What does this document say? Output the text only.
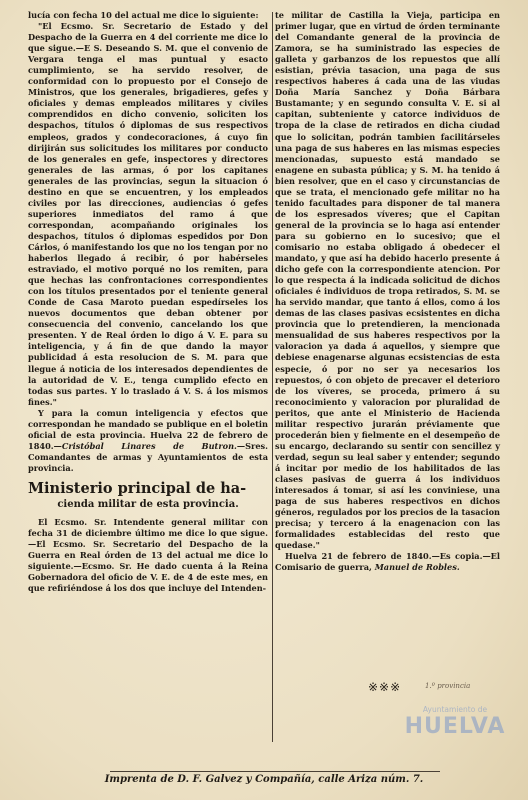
lucía con fecha 10 del actual me dice lo siguiente:

"El Ecsmo. Sr. Secretario de Estado y del Despacho de la Guerra en 4 del corriente me dice lo que sigue.—E S. Deseando S. M. que el convenio de Vergara tenga el mas puntual y esacto cumplimiento, se ha servido resolver, de conformidad con lo propuesto por el Consejo de Ministros, que los generales, brigadieres, gefes y oficiales y demas empleados militares y civiles comprendidos en dicho convenio, soliciten los despachos, títulos ó diplomas de sus respectivos empleos, grados y condecoraciones, á cuyo fin dirijirán sus solicitudes los militares por conducto de los generales en gefe, inspectores y directores generales de las armas, ó por los capitanes generales de las provincias, segun la situacion ó destino en que se encuentren, y los empleados civiles por las direcciones, audiencias ó gefes superiores inmediatos del ramo á que correspondan, acompañando originales los despachos, títulos ó diplomas espedidos por Don Cárlos, ó manifestando los que no los tengan por no haberlos llegado á recibir, ó por habérseles estraviado, el motivo porqué no los remiten, para que hechas las confrontaciones correspondientes con los títulos presentados por el teniente general Conde de Casa Maroto puedan espedírseles los nuevos documentos que deban obtener por consecuencia del convenio, cancelando los que presenten. Y de Real órden lo digo á V. E. para su inteligencia, y á fin de que dando la mayor publicidad á esta resolucion de S. M. para que llegue á noticia de los interesados dependientes de la autoridad de V. E., tenga cumplido efecto en todas sus partes. Y lo traslado á V. S. á los mismos fines."

Y para la comun inteligencia y efectos que correspondan he mandado se publique en el boletin oficial de esta provincia. Huelva 22 de febrero de 1840.—Cristóbal Linares de Butron.—Sres. Comandantes de armas y Ayuntamientos de esta provincia.

Ministerio principal de ha-
cienda militar de esta provincia.

El Ecsmo. Sr. Intendente general militar con fecha 31 de diciembre último me dice lo que sigue.—El Ecsmo. Sr. Secretario del Despacho de la Guerra en Real órden de 13 del actual me dice lo siguiente.—Ecsmo. Sr. He dado cuenta á la Reina Gobernadora del oficio de V. E. de 4 de este mes, en que refiriéndose á los dos que incluye del Intenden-

te militar de Castilla la Vieja, participa en primer lugar, que en virtud de órden terminante del Comandante general de la provincia de Zamora, se ha suministrado las especies de galleta y garbanzos de los repuestos que allí esistian, prévia tasacion, una paga de sus respectivos haberes á cada una de las viudas Doña María Sanchez y Doña Bárbara Bustamante; y en segundo consulta V. E. si al capitan, subteniente y catorce individuos de tropa de la clase de retirados en dicha ciudad que lo solicitan, podrán tambien facilitárseles una paga de sus haberes en las mismas especies mencionadas, supuesto está mandado se enagene en subasta pública; y S. M. ha tenido á bien resolver, que en el caso y circunstancias de que se trata, el mencionado gefe militar no ha tenido facultades para disponer de tal manera de los espresados víveres; que el Capitan general de la provincia se lo haga así entender para su gobierno en lo sucesivo; que el comisario no estaba obligado á obedecer el mandato, y que así ha debido hacerlo presente á dicho gefe con la correspondiente atencion. Por lo que respecta á la indicada solicitud de dichos oficiales é individuos de tropa retirados, S. M. se ha servido mandar, que tanto á ellos, como á los demas de las clases pasivas ecsistentes en dicha provincia que lo pretendieren, la mencionada mensualidad de sus haberes respectivos por la valoracion ya dada á aquellos, y siempre que debiese enagenarse algunas ecsistencias de esta especie, ó por no ser ya necesarios los repuestos, ó con objeto de precaver el deterioro de los víveres, se proceda, primero á su reconocimiento y valoracion por pluralidad de peritos, que ante el Ministerio de Hacienda militar respectivo jurarán préviamente que procederán bien y fielmente en el desempeño de su encargo, declarando su sentir con sencillez y verdad, segun su leal saber y entender; segundo á incitar por medio de los habilitados de las clases pasivas de guerra á los individuos interesados á tomar, si así les conviniese, una paga de sus haberes respectivos en dichos géneros, regulados por los precios de la tasacion precisa; y tercero á la enagenacion con las formalidades establecidas del resto que quedase."

Huelva 21 de febrero de 1840.—Es copia.—El Comisario de guerra, Manuel de Robles.

※※※	1.º provincia
Ayuntamiento de
HUELVA
Imprenta de D. F. Galvez y Compañía, calle Ariza núm. 7.
